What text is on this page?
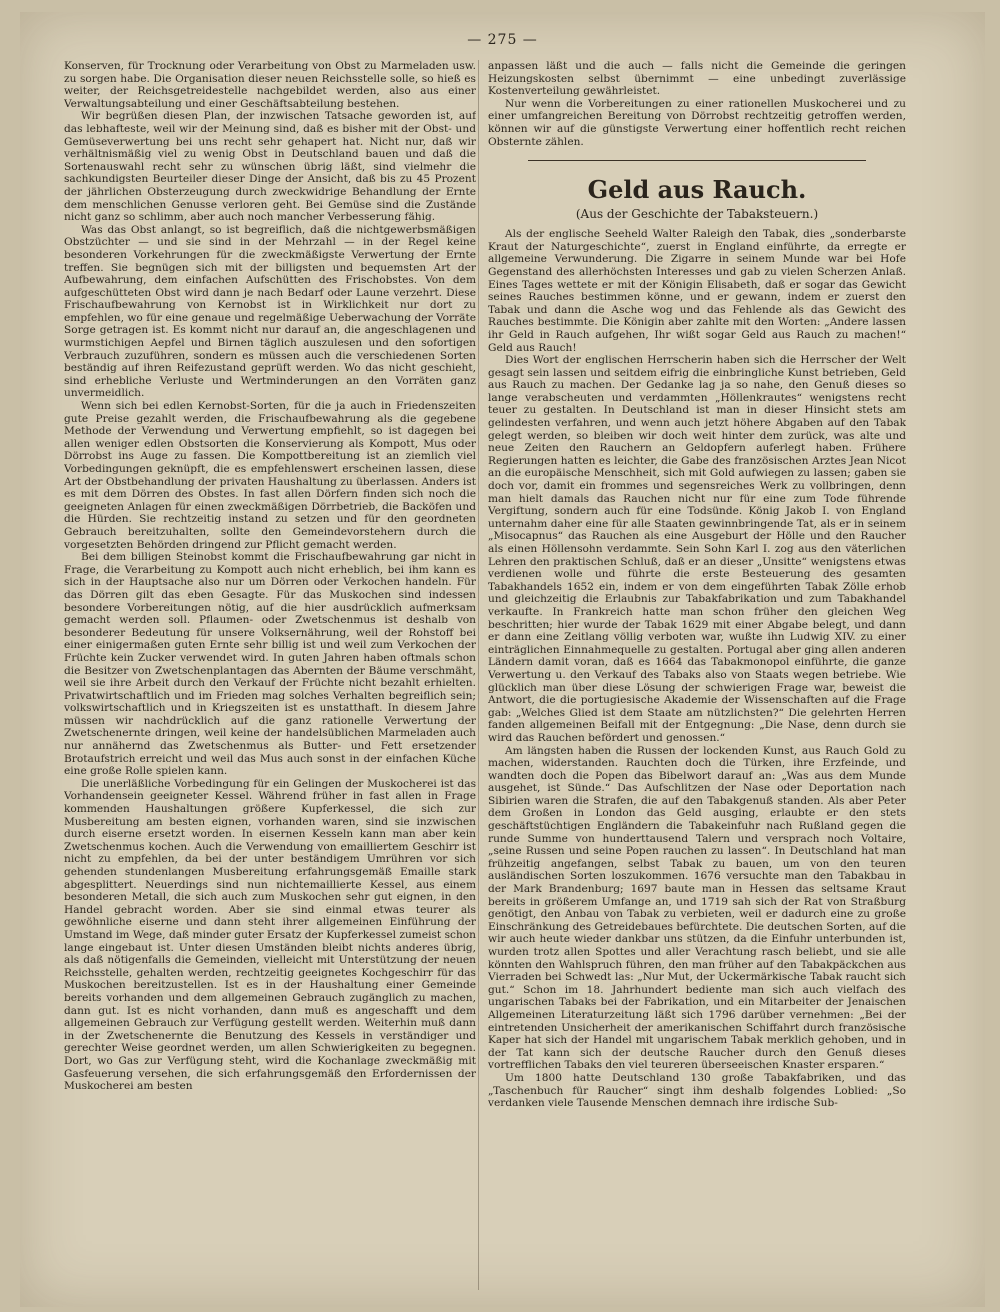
— 275 —

Konserven, für Trocknung oder Verarbeitung von Obst zu Marmeladen usw. zu sorgen habe. Die Organisation dieser neuen Reichsstelle solle, so hieß es weiter, der Reichsgetreidestelle nachgebildet werden, also aus einer Verwaltungsabteilung und einer Geschäftsabteilung bestehen.

Wir begrüßen diesen Plan, der inzwischen Tatsache geworden ist, auf das lebhafteste, weil wir der Meinung sind, daß es bisher mit der Obst- und Gemüseverwertung bei uns recht sehr gehapert hat. Nicht nur, daß wir verhältnismäßig viel zu wenig Obst in Deutschland bauen und daß die Sortenauswahl recht sehr zu wünschen übrig läßt, sind vielmehr die sachkundigsten Beurteiler dieser Dinge der Ansicht, daß bis zu 45 Prozent der jährlichen Obsterzeugung durch zweckwidrige Behandlung der Ernte dem menschlichen Genusse verloren geht. Bei Gemüse sind die Zustände nicht ganz so schlimm, aber auch noch mancher Verbesserung fähig.

Was das Obst anlangt, so ist begreiflich, daß die nichtgewerbsmäßigen Obstzüchter — und sie sind in der Mehrzahl — in der Regel keine besonderen Vorkehrungen für die zweckmäßigste Verwertung der Ernte treffen. Sie begnügen sich mit der billigsten und bequemsten Art der Aufbewahrung, dem einfachen Aufschütten des Frischobstes. Von dem aufgeschütteten Obst wird dann je nach Bedarf oder Laune verzehrt. Diese Frischaufbewahrung von Kernobst ist in Wirklichkeit nur dort zu empfehlen, wo für eine genaue und regelmäßige Ueberwachung der Vorräte Sorge getragen ist. Es kommt nicht nur darauf an, die angeschlagenen und wurmstichigen Aepfel und Birnen täglich auszulesen und den sofortigen Verbrauch zuzuführen, sondern es müssen auch die verschiedenen Sorten beständig auf ihren Reifezustand geprüft werden. Wo das nicht geschieht, sind erhebliche Verluste und Wertminderungen an den Vorräten ganz unvermeidlich.

Wenn sich bei edlen Kernobst-Sorten, für die ja auch in Friedenszeiten gute Preise gezahlt werden, die Frischaufbewahrung als die gegebene Methode der Verwendung und Verwertung empfiehlt, so ist dagegen bei allen weniger edlen Obstsorten die Konservierung als Kompott, Mus oder Dörrobst ins Auge zu fassen. Die Kompottbereitung ist an ziemlich viel Vorbedingungen geknüpft, die es empfehlenswert erscheinen lassen, diese Art der Obstbehandlung der privaten Haushaltung zu überlassen. Anders ist es mit dem Dörren des Obstes. In fast allen Dörfern finden sich noch die geeigneten Anlagen für einen zweckmäßigen Dörrbetrieb, die Backöfen und die Hürden. Sie rechtzeitig instand zu setzen und für den geordneten Gebrauch bereitzuhalten, sollte den Gemeindevorstehern durch die vorgesetzten Behörden dringend zur Pflicht gemacht werden.

Bei dem billigen Steinobst kommt die Frischaufbewahrung gar nicht in Frage, die Verarbeitung zu Kompott auch nicht erheblich, bei ihm kann es sich in der Hauptsache also nur um Dörren oder Verkochen handeln. Für das Dörren gilt das eben Gesagte. Für das Muskochen sind indessen besondere Vorbereitungen nötig, auf die hier ausdrücklich aufmerksam gemacht werden soll. Pflaumen- oder Zwetschenmus ist deshalb von besonderer Bedeutung für unsere Volksernährung, weil der Rohstoff bei einer einigermaßen guten Ernte sehr billig ist und weil zum Verkochen der Früchte kein Zucker verwendet wird. In guten Jahren haben oftmals schon die Besitzer von Zwetschenplantagen das Abernten der Bäume verschmäht, weil sie ihre Arbeit durch den Verkauf der Früchte nicht bezahlt erhielten. Privatwirtschaftlich und im Frieden mag solches Verhalten begreiflich sein; volkswirtschaftlich und in Kriegszeiten ist es unstatthaft. In diesem Jahre müssen wir nachdrücklich auf die ganz rationelle Verwertung der Zwetschenernte dringen, weil keine der handelsüblichen Marmeladen auch nur annähernd das Zwetschenmus als Butter- und Fett ersetzender Brotaufstrich erreicht und weil das Mus auch sonst in der einfachen Küche eine große Rolle spielen kann.

Die unerläßliche Vorbedingung für ein Gelingen der Muskocherei ist das Vorhandensein geeigneter Kessel. Während früher in fast allen in Frage kommenden Haushaltungen größere Kupferkessel, die sich zur Musbereitung am besten eignen, vorhanden waren, sind sie inzwischen durch eiserne ersetzt worden. In eisernen Kesseln kann man aber kein Zwetschenmus kochen. Auch die Verwendung von emailliertem Geschirr ist nicht zu empfehlen, da bei der unter beständigem Umrühren vor sich gehenden stundenlangen Musbereitung erfahrungsgemäß Emaille stark abgesplittert. Neuerdings sind nun nichtemaillierte Kessel, aus einem besonderen Metall, die sich auch zum Muskochen sehr gut eignen, in den Handel gebracht worden. Aber sie sind einmal etwas teurer als gewöhnliche eiserne und dann steht ihrer allgemeinen Einführung der Umstand im Wege, daß minder guter Ersatz der Kupferkessel zumeist schon lange eingebaut ist. Unter diesen Umständen bleibt nichts anderes übrig, als daß nötigenfalls die Gemeinden, vielleicht mit Unterstützung der neuen Reichsstelle, gehalten werden, rechtzeitig geeignetes Kochgeschirr für das Muskochen bereitzustellen. Ist es in der Haushaltung einer Gemeinde bereits vorhanden und dem allgemeinen Gebrauch zugänglich zu machen, dann gut. Ist es nicht vorhanden, dann muß es angeschafft und dem allgemeinen Gebrauch zur Verfügung gestellt werden. Weiterhin muß dann in der Zwetschenernte die Benutzung des Kessels in verständiger und gerechter Weise geordnet werden, um allen Schwierigkeiten zu begegnen. Dort, wo Gas zur Verfügung steht, wird die Kochanlage zweckmäßig mit Gasfeuerung versehen, die sich erfahrungsgemäß den Erfordernissen der Muskocherei am besten

anpassen läßt und die auch — falls nicht die Gemeinde die geringen Heizungskosten selbst übernimmt — eine unbedingt zuverlässige Kostenverteilung gewährleistet.

Nur wenn die Vorbereitungen zu einer rationellen Muskocherei und zu einer umfangreichen Bereitung von Dörrobst rechtzeitig getroffen werden, können wir auf die günstigste Verwertung einer hoffentlich recht reichen Obsternte zählen.

Geld aus Rauch.
(Aus der Geschichte der Tabaksteuern.)

Als der englische Seeheld Walter Raleigh den Tabak, dies „sonderbarste Kraut der Naturgeschichte“, zuerst in England einführte, da erregte er allgemeine Verwunderung. Die Zigarre in seinem Munde war bei Hofe Gegenstand des allerhöchsten Interesses und gab zu vielen Scherzen Anlaß. Eines Tages wettete er mit der Königin Elisabeth, daß er sogar das Gewicht seines Rauches bestimmen könne, und er gewann, indem er zuerst den Tabak und dann die Asche wog und das Fehlende als das Gewicht des Rauches bestimmte. Die Königin aber zahlte mit den Worten: „Andere lassen ihr Geld in Rauch aufgehen, Ihr wißt sogar Geld aus Rauch zu machen!“ Geld aus Rauch!

Dies Wort der englischen Herrscherin haben sich die Herrscher der Welt gesagt sein lassen und seitdem eifrig die einbringliche Kunst betrieben, Geld aus Rauch zu machen. Der Gedanke lag ja so nahe, den Genuß dieses so lange verabscheuten und verdammten „Höllenkrautes“ wenigstens recht teuer zu gestalten. In Deutschland ist man in dieser Hinsicht stets am gelindesten verfahren, und wenn auch jetzt höhere Abgaben auf den Tabak gelegt werden, so bleiben wir doch weit hinter dem zurück, was alte und neue Zeiten den Rauchern an Geldopfern auferlegt haben. Frühere Regierungen hatten es leichter, die Gabe des französischen Arztes Jean Nicot an die europäische Menschheit, sich mit Gold aufwiegen zu lassen; gaben sie doch vor, damit ein frommes und segensreiches Werk zu vollbringen, denn man hielt damals das Rauchen nicht nur für eine zum Tode führende Vergiftung, sondern auch für eine Todsünde. König Jakob I. von England unternahm daher eine für alle Staaten gewinnbringende Tat, als er in seinem „Misocapnus“ das Rauchen als eine Ausgeburt der Hölle und den Raucher als einen Höllensohn verdammte. Sein Sohn Karl I. zog aus den väterlichen Lehren den praktischen Schluß, daß er an dieser „Unsitte“ wenigstens etwas verdienen wolle und führte die erste Besteuerung des gesamten Tabakhandels 1652 ein, indem er von dem eingeführten Tabak Zölle erhob und gleichzeitig die Erlaubnis zur Tabakfabrikation und zum Tabakhandel verkaufte. In Frankreich hatte man schon früher den gleichen Weg beschritten; hier wurde der Tabak 1629 mit einer Abgabe belegt, und dann er dann eine Zeitlang völlig verboten war, wußte ihn Ludwig XIV. zu einer einträglichen Einnahmequelle zu gestalten. Portugal aber ging allen anderen Ländern damit voran, daß es 1664 das Tabakmonopol einführte, die ganze Verwertung u. den Verkauf des Tabaks also von Staats wegen betriebe. Wie glücklich man über diese Lösung der schwierigen Frage war, beweist die Antwort, die die portugiesische Akademie der Wissenschaften auf die Frage gab: „Welches Glied ist dem Staate am nützlichsten?“ Die gelehrten Herren fanden allgemeinen Beifall mit der Entgegnung: „Die Nase, denn durch sie wird das Rauchen befördert und genossen.“

Am längsten haben die Russen der lockenden Kunst, aus Rauch Gold zu machen, widerstanden. Rauchten doch die Türken, ihre Erzfeinde, und wandten doch die Popen das Bibelwort darauf an: „Was aus dem Munde ausgehet, ist Sünde.“ Das Aufschlitzen der Nase oder Deportation nach Sibirien waren die Strafen, die auf den Tabakgenuß standen. Als aber Peter dem Großen in London das Geld ausging, erlaubte er den stets geschäftstüchtigen Engländern die Tabakeinfuhr nach Rußland gegen die runde Summe von hunderttausend Talern und versprach noch Voltaire, „seine Russen und seine Popen rauchen zu lassen“. In Deutschland hat man frühzeitig angefangen, selbst Tabak zu bauen, um von den teuren ausländischen Sorten loszukommen. 1676 versuchte man den Tabakbau in der Mark Brandenburg; 1697 baute man in Hessen das seltsame Kraut bereits in größerem Umfange an, und 1719 sah sich der Rat von Straßburg genötigt, den Anbau von Tabak zu verbieten, weil er dadurch eine zu große Einschränkung des Getreidebaues befürchtete. Die deutschen Sorten, auf die wir auch heute wieder dankbar uns stützen, da die Einfuhr unterbunden ist, wurden trotz allen Spottes und aller Verachtung rasch beliebt, und sie alle könnten den Wahlspruch führen, den man früher auf den Tabakpäckchen aus Vierraden bei Schwedt las: „Nur Mut, der Uckermärkische Tabak raucht sich gut.“ Schon im 18. Jahrhundert bediente man sich auch vielfach des ungarischen Tabaks bei der Fabrikation, und ein Mitarbeiter der Jenaischen Allgemeinen Literaturzeitung läßt sich 1796 darüber vernehmen: „Bei der eintretenden Unsicherheit der amerikanischen Schiffahrt durch französische Kaper hat sich der Handel mit ungarischem Tabak merklich gehoben, und in der Tat kann sich der deutsche Raucher durch den Genuß dieses vortrefflichen Tabaks den viel teureren überseeischen Knaster ersparen.“

Um 1800 hatte Deutschland 130 große Tabakfabriken, und das „Taschenbuch für Raucher“ singt ihm deshalb folgendes Loblied: „So verdanken viele Tausende Menschen demnach ihre irdische Sub-
